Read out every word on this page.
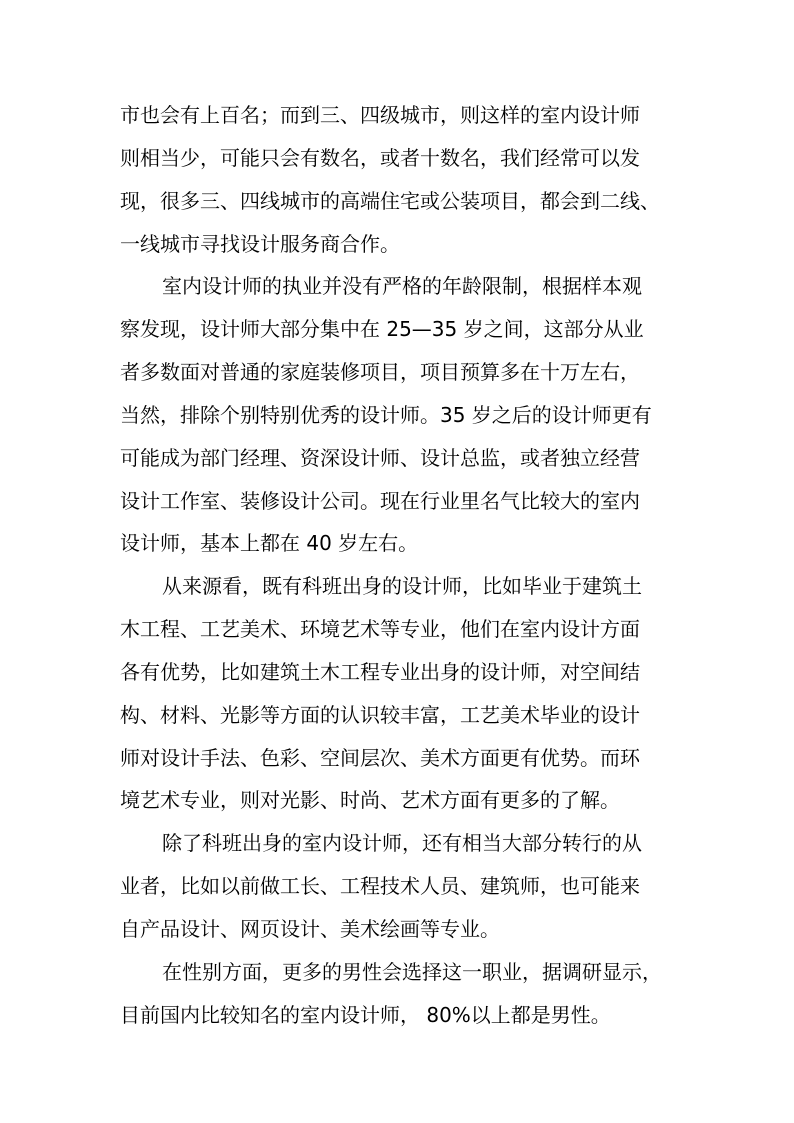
市也会有上百名；而到三、四级城市，则这样的室内设计师
则相当少，可能只会有数名，或者十数名，我们经常可以发
现，很多三、四线城市的高端住宅或公装项目，都会到二线、
一线城市寻找设计服务商合作。
室内设计师的执业并没有严格的年龄限制，根据样本观
察发现，设计师大部分集中在 25—35 岁之间，这部分从业
者多数面对普通的家庭装修项目，项目预算多在十万左右，
当然，排除个别特别优秀的设计师。35 岁之后的设计师更有
可能成为部门经理、资深设计师、设计总监，或者独立经营
设计工作室、装修设计公司。现在行业里名气比较大的室内
设计师，基本上都在 40 岁左右。
从来源看，既有科班出身的设计师，比如毕业于建筑土
木工程、工艺美术、环境艺术等专业，他们在室内设计方面
各有优势，比如建筑土木工程专业出身的设计师，对空间结
构、材料、光影等方面的认识较丰富，工艺美术毕业的设计
师对设计手法、色彩、空间层次、美术方面更有优势。而环
境艺术专业，则对光影、时尚、艺术方面有更多的了解。
除了科班出身的室内设计师，还有相当大部分转行的从
业者，比如以前做工长、工程技术人员、建筑师，也可能来
自产品设计、网页设计、美术绘画等专业。
在性别方面，更多的男性会选择这一职业，据调研显示，
目前国内比较知名的室内设计师， 80%以上都是男性。
